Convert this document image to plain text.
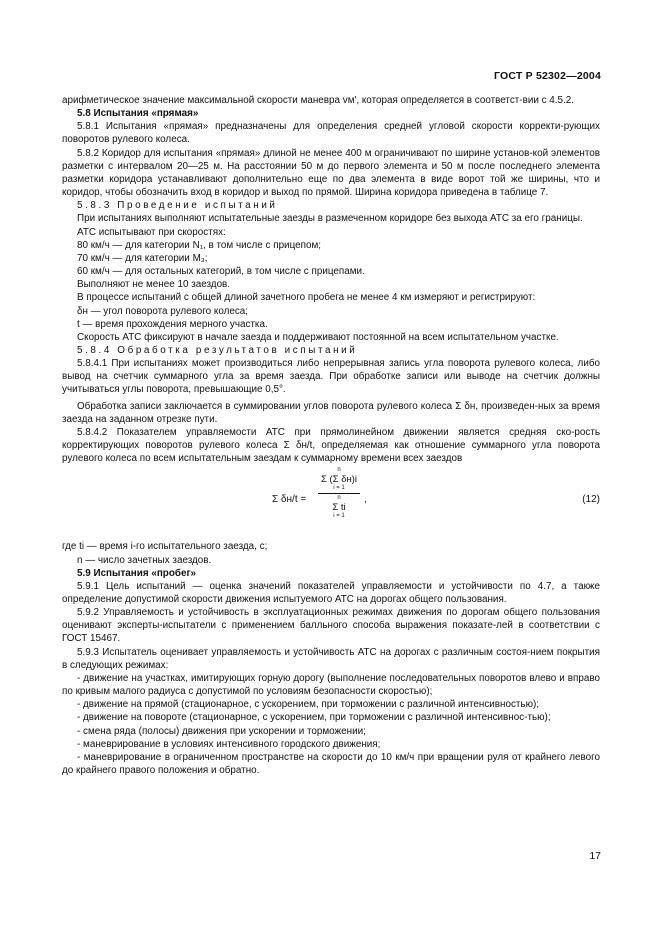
ГОСТ Р 52302—2004
арифметическое значение максимальной скорости маневра vм', которая определяется в соответст-вии с 4.5.2.
5.8 Испытания «прямая»
5.8.1 Испытания «прямая» предназначены для определения средней угловой скорости корректи-рующих поворотов рулевого колеса.
5.8.2 Коридор для испытания «прямая» длиной не менее 400 м ограничивают по ширине установ-кой элементов разметки с интервалом 20—25 м. На расстоянии 50 м до первого элемента и 50 м после последнего элемента разметки коридора устанавливают дополнительно еще по два элемента в виде ворот той же ширины, что и коридор, чтобы обозначить вход в коридор и выход по прямой. Ширина коридора приведена в таблице 7.
5.8.3 Проведение испытаний
При испытаниях выполняют испытательные заезды в размеченном коридоре без выхода АТС за его границы.
АТС испытывают при скоростях:
80 км/ч — для категории N₁, в том числе с прицепом;
70 км/ч — для категории M₃;
60 км/ч — для остальных категорий, в том числе с прицепами.
Выполняют не менее 10 заездов.
В процессе испытаний с общей длиной зачетного пробега не менее 4 км измеряют и регистрируют:
δн — угол поворота рулевого колеса;
t — время прохождения мерного участка.
Скорость АТС фиксируют в начале заезда и поддерживают постоянной на всем испытательном участке.
5.8.4 Обработка результатов испытаний
5.8.4.1 При испытаниях может производиться либо непрерывная запись угла поворота рулевого колеса, либо вывод на счетчик суммарного угла за время заезда. При обработке записи или выводе на счетчик должны учитываться углы поворота, превышающие 0,5°.
Обработка записи заключается в суммировании углов поворота рулевого колеса Σ δн, произведен-ных за время заезда на заданном отрезке пути.
5.8.4.2 Показателем управляемости АТС при прямолинейном движении является средняя ско-рость корректирующих поворотов рулевого колеса Σ δн/t, определяемая как отношение суммарного угла поворота рулевого колеса по всем испытательным заездам к суммарному времени всех заездов
Σ δн/t =
n
Σ (Σ δн)i
i = 1
n
Σ ti
i = 1
,	(12)
где ti — время i-го испытательного заезда, с;
n — число зачетных заездов.
5.9 Испытания «пробег»
5.9.1 Цель испытаний — оценка значений показателей управляемости и устойчивости по 4.7, а также определение допустимой скорости движения испытуемого АТС на дорогах общего пользования.
5.9.2 Управляемость и устойчивость в эксплуатационных режимах движения по дорогам общего пользования оценивают эксперты-испытатели с применением балльного способа выражения показате-лей в соответствии с ГОСТ 15467.
5.9.3 Испытатель оценивает управляемость и устойчивость АТС на дорогах с различным состоя-нием покрытия в следующих режимах:
- движение на участках, имитирующих горную дорогу (выполнение последовательных поворотов влево и вправо по кривым малого радиуса с допустимой по условиям безопасности скоростью);
- движение на прямой (стационарное, с ускорением, при торможении с различной интенсивностью);
- движение на повороте (стационарное, с ускорением, при торможении с различной интенсивнос-тью);
- смена ряда (полосы) движения при ускорении и торможении;
- маневрирование в условиях интенсивного городского движения;
- маневрирование в ограниченном пространстве на скорости до 10 км/ч при вращении руля от крайнего левого до крайнего правого положения и обратно.
17
